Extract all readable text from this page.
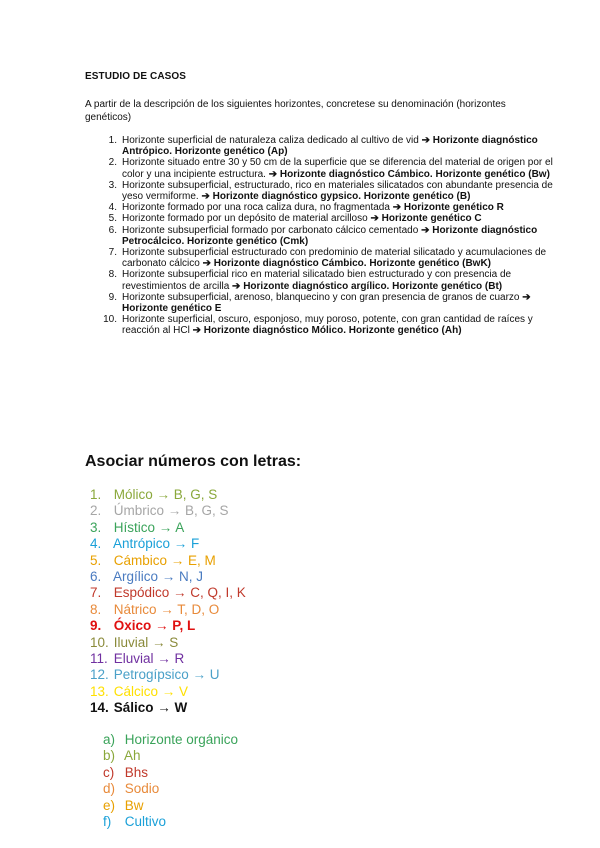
ESTUDIO DE CASOS
A partir de la descripción de los siguientes horizontes, concretese su denominación (horizontes genéticos)
1. Horizonte superficial de naturaleza caliza dedicado al cultivo de vid ➔ Horizonte diagnóstico Antrópico. Horizonte genético (Ap)
2. Horizonte situado entre 30 y 50 cm de la superficie que se diferencia del material de origen por el color y una incipiente estructura. ➔ Horizonte diagnóstico Cámbico. Horizonte genético (Bw)
3. Horizonte subsuperficial, estructurado, rico en materiales silicatados con abundante presencia de yeso vermiforme. ➔ Horizonte diagnóstico gypsico. Horizonte genético (B)
4. Horizonte formado por una roca caliza dura, no fragmentada ➔ Horizonte genético R
5. Horizonte formado por un depósito de material arcilloso ➔ Horizonte genético C
6. Horizonte subsuperficial formado por carbonato cálcico cementado ➔ Horizonte diagnóstico Petrocálcico. Horizonte genético (Cmk)
7. Horizonte subsuperficial estructurado con predominio de material silicatado y acumulaciones de carbonato cálcico ➔ Horizonte diagnóstico Cámbico. Horizonte genético (BwK)
8. Horizonte subsuperficial rico en material silicatado bien estructurado y con presencia de revestimientos de arcilla ➔ Horizonte diagnóstico argílico. Horizonte genético (Bt)
9. Horizonte subsuperficial, arenoso, blanquecino y con gran presencia de granos de cuarzo ➔ Horizonte genético E
10. Horizonte superficial, oscuro, esponjoso, muy poroso, potente, con gran cantidad de raíces y reacción al HCl ➔ Horizonte diagnóstico Mólico. Horizonte genético (Ah)
Asociar números con letras:
1. Mólico → B, G, S
2. Úmbrico → B, G, S
3. Hístico → A
4. Antrópico → F
5. Cámbico → E, M
6. Argílico → N, J
7. Espódico → C, Q, I, K
8. Nátrico → T, D, O
9. Óxico → P, L
10. Iluvial → S
11. Eluvial → R
12. Petrogípsico → U
13. Cálcico → V
14. Sálico → W
a) Horizonte orgánico
b) Ah
c) Bhs
d) Sodio
e) Bw
f) Cultivo
